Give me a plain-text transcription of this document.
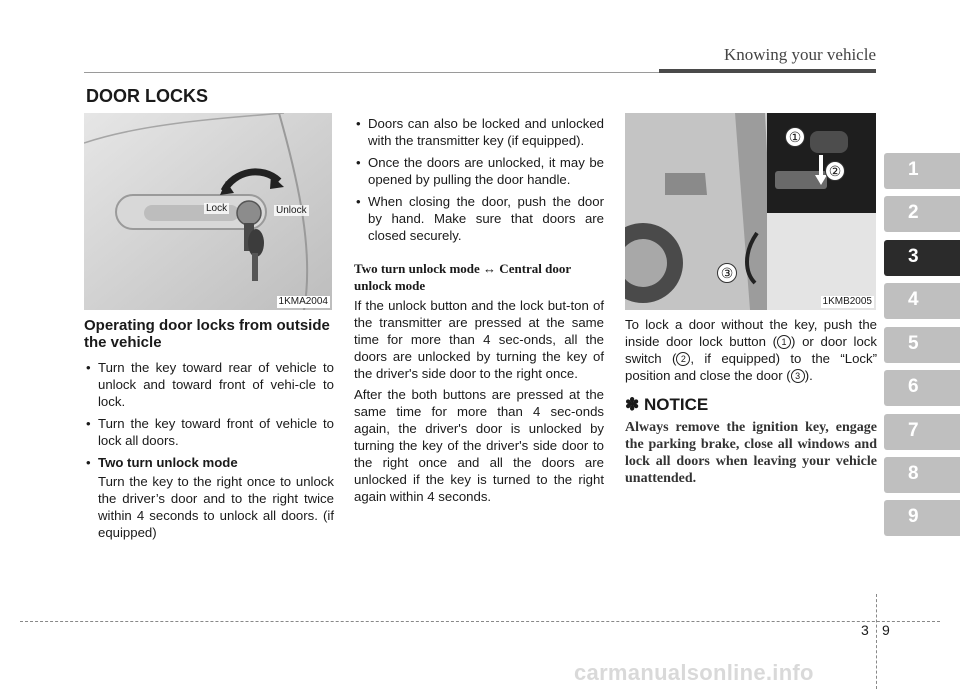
Knowing your vehicle
DOOR LOCKS
Lock	Unlock
1KMA2004
Operating door locks from outside the vehicle
• Turn the key toward rear of vehicle to unlock and toward front of vehi-cle to lock.
• Turn the key toward front of vehicle to lock all doors.
• Two turn unlock mode
Turn the key to the right once to unlock the driver’s door and to the right twice within 4 seconds to unlock all doors. (if equipped)
• Doors can also be locked and unlocked with the transmitter key (if equipped).
• Once the doors are unlocked, it may be opened by pulling the door handle.
• When closing the door, push the door by hand. Make sure that doors are closed securely.
Two turn unlock mode ↔ Central door unlock mode

If the unlock button and the lock but-ton of the transmitter are pressed at the same time for more than 4 sec-onds, all the doors are unlocked by turning the key of the driver's side door to the right once.

After the both buttons are pressed at the same time for more than 4 sec-onds again, the driver's door is unlocked by turning the key of the driver's side door to the right once and all the doors are unlocked if the key is turned to the right again within 4 seconds.

①
②
③
1KMB2005

To lock a door without the key, push the inside door lock button ( 1 ) or door lock switch ( 2 , if equipped) to the “Lock” position and close the door ( 3 ).

✽ NOTICE
Always remove the ignition key, engage the parking brake, close all windows and lock all doors when leaving your vehicle unattended.
1
2
3
4
5
6
7
8
9
3 9
carmanualsonline.info
